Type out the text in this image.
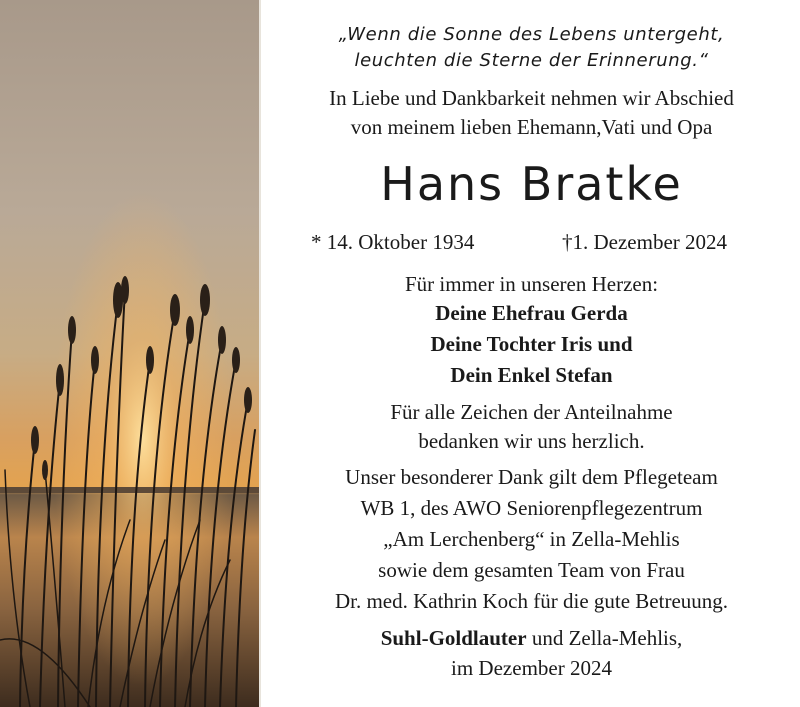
„Wenn die Sonne des Lebens untergeht,
leuchten die Sterne der Erinnerung.“
In Liebe und Dankbarkeit nehmen wir Abschied
von meinem lieben Ehemann,Vati und Opa
Hans Bratke
* 14. Oktober 1934	†1. Dezember 2024
Für immer in unseren Herzen:
Deine Ehefrau Gerda
Deine Tochter Iris und
Dein Enkel Stefan
Für alle Zeichen der Anteilnahme
bedanken wir uns herzlich.
Unser besonderer Dank gilt dem Pflegeteam
WB 1, des AWO Seniorenpflegezentrum
„Am Lerchenberg“ in Zella-Mehlis
sowie dem gesamten Team von Frau
Dr. med. Kathrin Koch für die gute Betreuung.
Suhl-Goldlauter und Zella-Mehlis,
im Dezember 2024
